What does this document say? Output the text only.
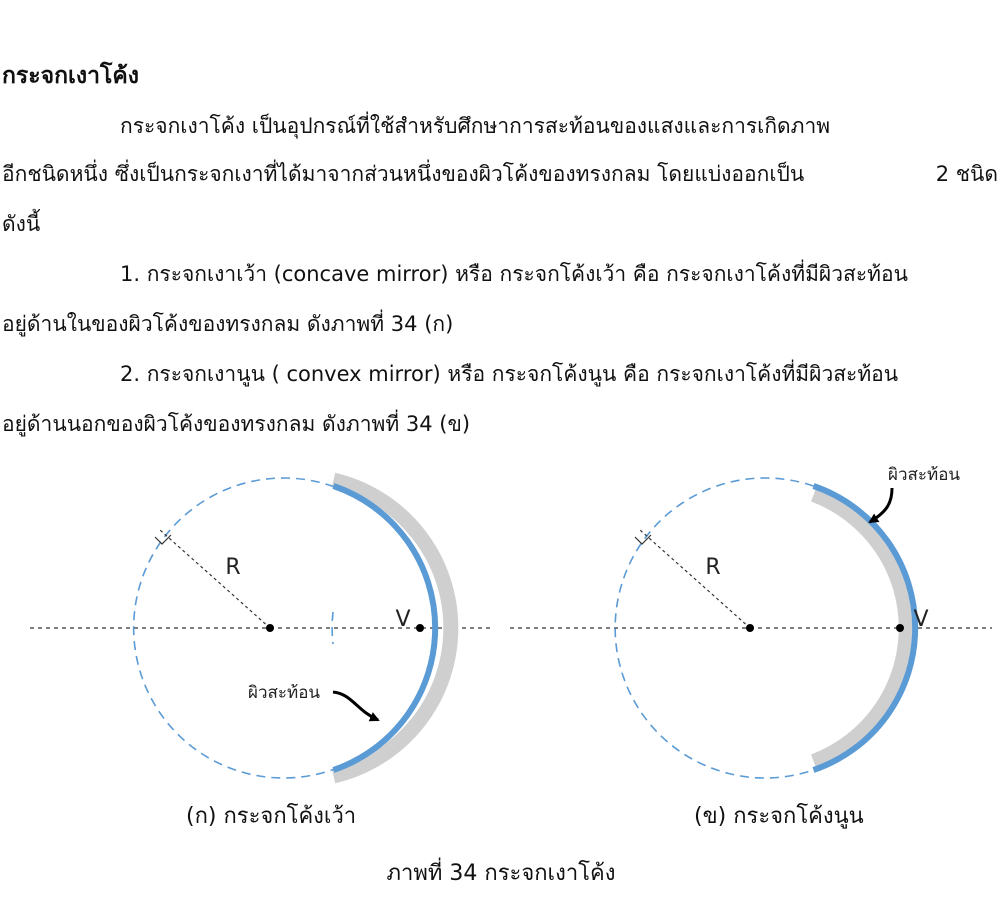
กระจกเงาโค้ง
กระจกเงาโค้ง เป็นอุปกรณ์ที่ใช้สำหรับศึกษาการสะท้อนของแสงและการเกิดภาพ
อีกชนิดหนึ่ง ซึ่งเป็นกระจกเงาที่ได้มาจากส่วนหนึ่งของผิวโค้งของทรงกลม โดยแบ่งออกเป็น	2 ชนิด
ดังนี้
1. กระจกเงาเว้า (concave mirror) หรือ กระจกโค้งเว้า คือ กระจกเงาโค้งที่มีผิวสะท้อน
อยู่ด้านในของผิวโค้งของทรงกลม ดังภาพที่ 34 (ก)
2. กระจกเงานูน ( convex mirror) หรือ กระจกโค้งนูน คือ กระจกเงาโค้งที่มีผิวสะท้อน
อยู่ด้านนอกของผิวโค้งของทรงกลม ดังภาพที่ 34 (ข)
R
V
ผิวสะท้อน
R
V
ผิวสะท้อน
(ก) กระจกโค้งเว้า	(ข) กระจกโค้งนูน
ภาพที่ 34 กระจกเงาโค้ง
